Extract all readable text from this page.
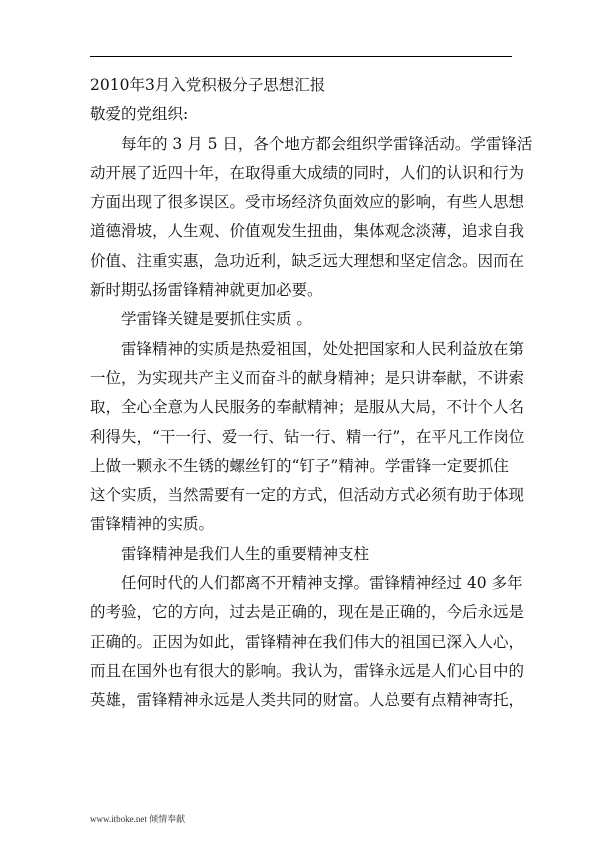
2010年3月入党积极分子思想汇报

敬爱的党组织:

每年的 3 月 5 日，各个地方都会组织学雷锋活动。学雷锋活

动开展了近四十年，在取得重大成绩的同时，人们的认识和行为

方面出现了很多误区。受市场经济负面效应的影响，有些人思想

道德滑坡，人生观、价值观发生扭曲，集体观念淡薄，追求自我

价值、注重实惠，急功近利，缺乏远大理想和坚定信念。因而在

新时期弘扬雷锋精神就更加必要。

学雷锋关键是要抓住实质 。

雷锋精神的实质是热爱祖国，处处把国家和人民利益放在第

一位，为实现共产主义而奋斗的献身精神；是只讲奉献，不讲索

取，全心全意为人民服务的奉献精神；是服从大局，不计个人名

利得失，“干一行、爱一行、钻一行、精一行”，在平凡工作岗位

上做一颗永不生锈的螺丝钉的“钉子”精神。学雷锋一定要抓住

这个实质，当然需要有一定的方式，但活动方式必须有助于体现

雷锋精神的实质。

雷锋精神是我们人生的重要精神支柱

任何时代的人们都离不开精神支撑。雷锋精神经过 40 多年

的考验，它的方向，过去是正确的，现在是正确的，今后永远是

正确的。正因为如此，雷锋精神在我们伟大的祖国已深入人心，

而且在国外也有很大的影响。我认为，雷锋永远是人们心目中的

英雄，雷锋精神永远是人类共同的财富。人总要有点精神寄托，

www.itboke.net 倾情奉献
